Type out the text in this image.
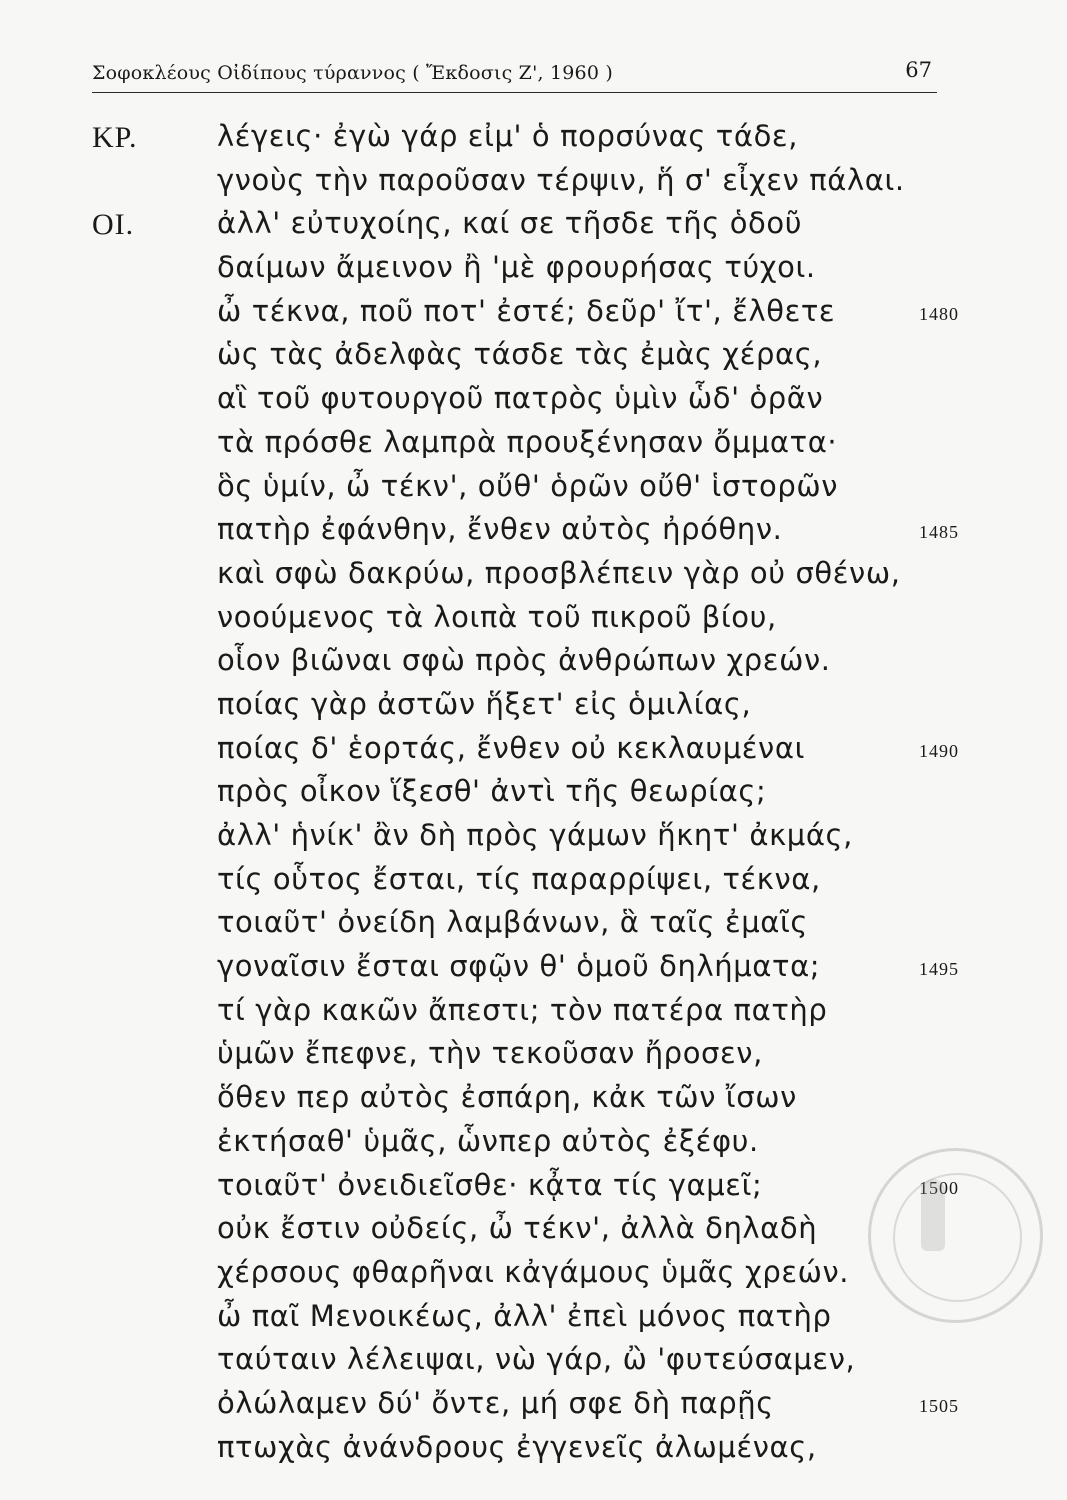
Σοφοκλέους Οἰδίπους τύραννος ( Ἔκδοσις Ζ', 1960 )	67
ΚΡ.	λέγεις· ἐγὼ γάρ εἰμ' ὁ πορσύνας τάδε,
γνοὺς τὴν παροῦσαν τέρψιν, ἥ σ' εἶχεν πάλαι.
ΟΙ.	ἀλλ' εὐτυχοίης, καί σε τῆσδε τῆς ὁδοῦ
δαίμων ἄμεινον ἢ 'μὲ φρουρήσας τύχοι.
ὦ τέκνα, ποῦ ποτ' ἐστέ; δεῦρ' ἴτ', ἔλθετε	1480
ὡς τὰς ἀδελφὰς τάσδε τὰς ἐμὰς χέρας,
αἳ τοῦ φυτουργοῦ πατρὸς ὑμὶν ὧδ' ὁρᾶν
τὰ πρόσθε λαμπρὰ προυξένησαν ὄμματα·
ὃς ὑμίν, ὦ τέκν', οὔθ' ὁρῶν οὔθ' ἱστορῶν
πατὴρ ἐφάνθην, ἔνθεν αὐτὸς ἠρόθην.	1485
καὶ σφὼ δακρύω, προσβλέπειν γὰρ οὐ σθένω,
νοούμενος τὰ λοιπὰ τοῦ πικροῦ βίου,
οἷον βιῶναι σφὼ πρὸς ἀνθρώπων χρεών.
ποίας γὰρ ἀστῶν ἥξετ' εἰς ὁμιλίας,
ποίας δ' ἑορτάς, ἔνθεν οὐ κεκλαυμέναι	1490
πρὸς οἶκον ἵξεσθ' ἀντὶ τῆς θεωρίας;
ἀλλ' ἡνίκ' ἂν δὴ πρὸς γάμων ἥκητ' ἀκμάς,
τίς οὗτος ἔσται, τίς παραρρίψει, τέκνα,
τοιαῦτ' ὀνείδη λαμβάνων, ἃ ταῖς ἐμαῖς
γοναῖσιν ἔσται σφῷν θ' ὁμοῦ δηλήματα;	1495
τί γὰρ κακῶν ἄπεστι; τὸν πατέρα πατὴρ
ὑμῶν ἔπεφνε, τὴν τεκοῦσαν ἤροσεν,
ὅθεν περ αὐτὸς ἐσπάρη, κἀκ τῶν ἴσων
ἐκτήσαθ' ὑμᾶς, ὧνπερ αὐτὸς ἐξέφυ.
τοιαῦτ' ὀνειδιεῖσθε· κᾆτα τίς γαμεῖ;	1500
οὐκ ἔστιν οὐδείς, ὦ τέκν', ἀλλὰ δηλαδὴ
χέρσους φθαρῆναι κἀγάμους ὑμᾶς χρεών.
ὦ παῖ Μενοικέως, ἀλλ' ἐπεὶ μόνος πατὴρ
ταύταιν λέλειψαι, νὼ γάρ, ὢ 'φυτεύσαμεν,
ὀλώλαμεν δύ' ὄντε, μή σφε δὴ παρῇς	1505
πτωχὰς ἀνάνδρους ἐγγενεῖς ἀλωμένας,
